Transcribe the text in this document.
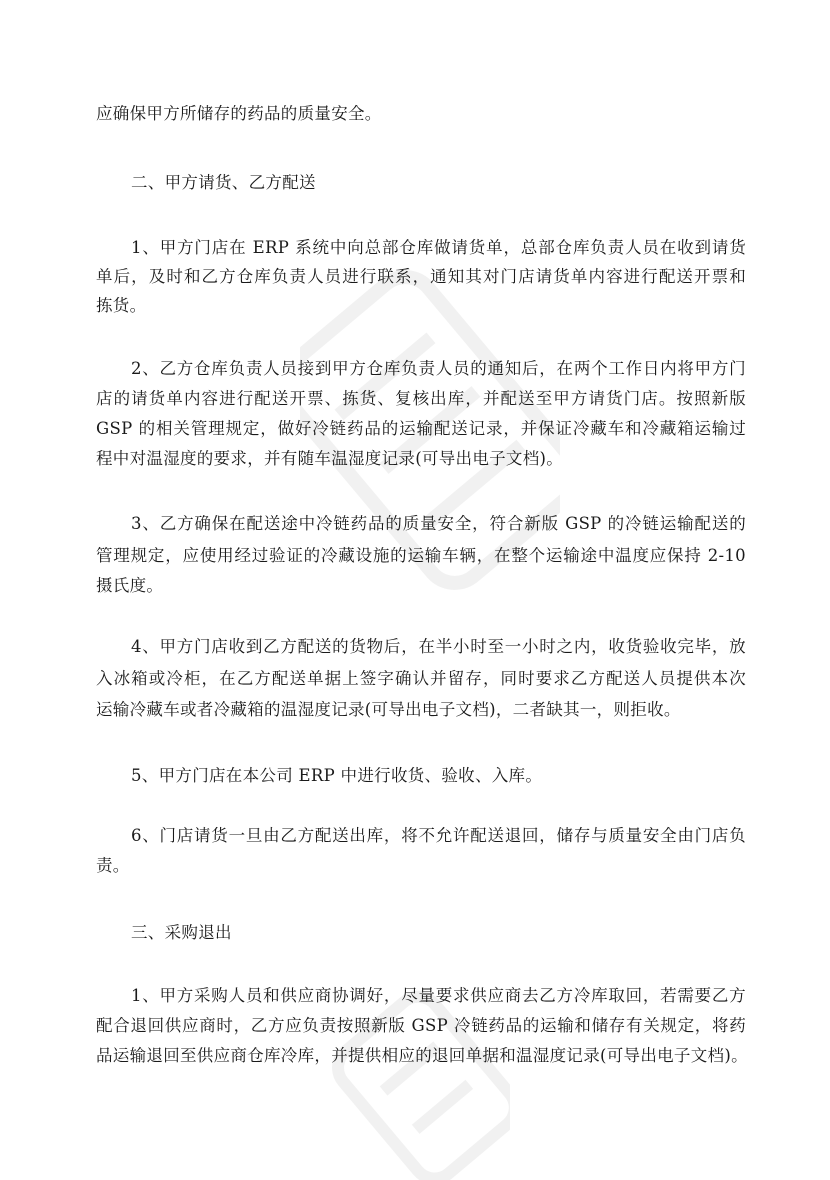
应确保甲方所储存的药品的质量安全。
二、甲方请货、乙方配送
1、甲方门店在 ERP 系统中向总部仓库做请货单，总部仓库负责人员在收到请货
单后，及时和乙方仓库负责人员进行联系，通知其对门店请货单内容进行配送开票和
拣货。
2、乙方仓库负责人员接到甲方仓库负责人员的通知后，在两个工作日内将甲方门
店的请货单内容进行配送开票、拣货、复核出库，并配送至甲方请货门店。按照新版
GSP 的相关管理规定，做好冷链药品的运输配送记录，并保证冷藏车和冷藏箱运输过
程中对温湿度的要求，并有随车温湿度记录(可导出电子文档)。
3、乙方确保在配送途中冷链药品的质量安全，符合新版 GSP 的冷链运输配送的
管理规定，应使用经过验证的冷藏设施的运输车辆，在整个运输途中温度应保持 2-10
摄氏度。
4、甲方门店收到乙方配送的货物后，在半小时至一小时之内，收货验收完毕，放
入冰箱或冷柜，在乙方配送单据上签字确认并留存，同时要求乙方配送人员提供本次
运输冷藏车或者冷藏箱的温湿度记录(可导出电子文档)，二者缺其一，则拒收。
5、甲方门店在本公司 ERP 中进行收货、验收、入库。
6、门店请货一旦由乙方配送出库，将不允许配送退回，储存与质量安全由门店负
责。
三、采购退出
1、甲方采购人员和供应商协调好，尽量要求供应商去乙方冷库取回，若需要乙方
配合退回供应商时，乙方应负责按照新版 GSP 冷链药品的运输和储存有关规定，将药
品运输退回至供应商仓库冷库，并提供相应的退回单据和温湿度记录(可导出电子文档)。
